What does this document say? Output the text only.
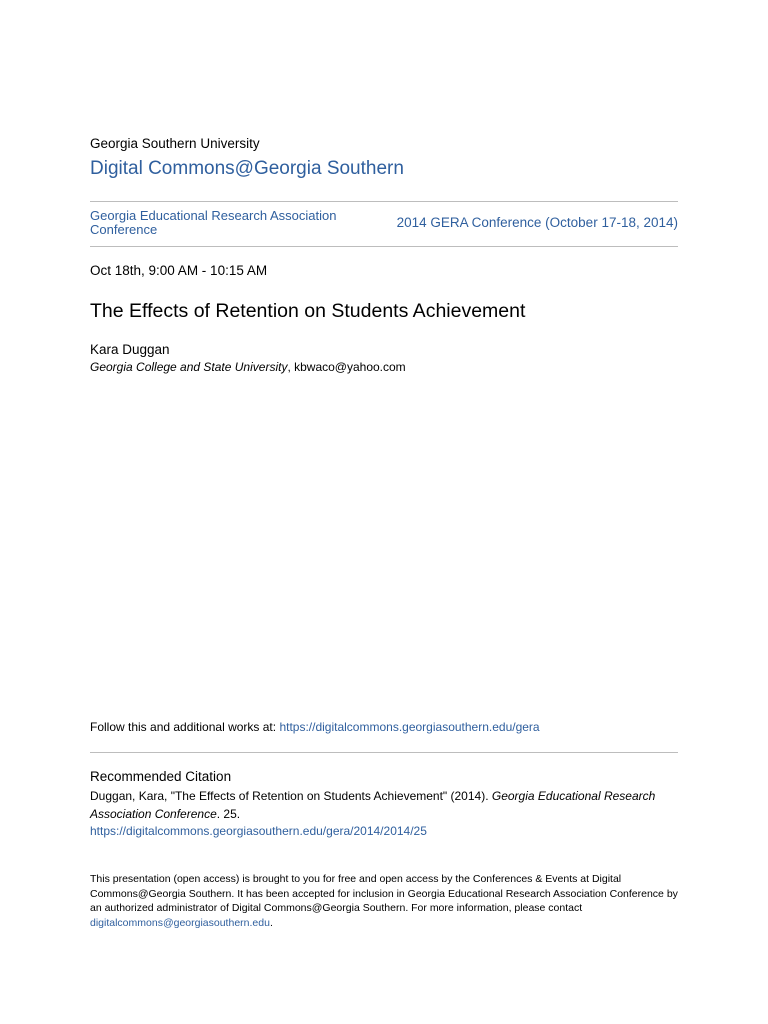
Georgia Southern University
Digital Commons@Georgia Southern
Georgia Educational Research Association Conference	2014 GERA Conference (October 17-18, 2014)
Oct 18th, 9:00 AM - 10:15 AM
The Effects of Retention on Students Achievement
Kara Duggan
Georgia College and State University, kbwaco@yahoo.com
Follow this and additional works at: https://digitalcommons.georgiasouthern.edu/gera
Recommended Citation
Duggan, Kara, "The Effects of Retention on Students Achievement" (2014). Georgia Educational Research Association Conference. 25.
https://digitalcommons.georgiasouthern.edu/gera/2014/2014/25
This presentation (open access) is brought to you for free and open access by the Conferences & Events at Digital Commons@Georgia Southern. It has been accepted for inclusion in Georgia Educational Research Association Conference by an authorized administrator of Digital Commons@Georgia Southern. For more information, please contact digitalcommons@georgiasouthern.edu.
